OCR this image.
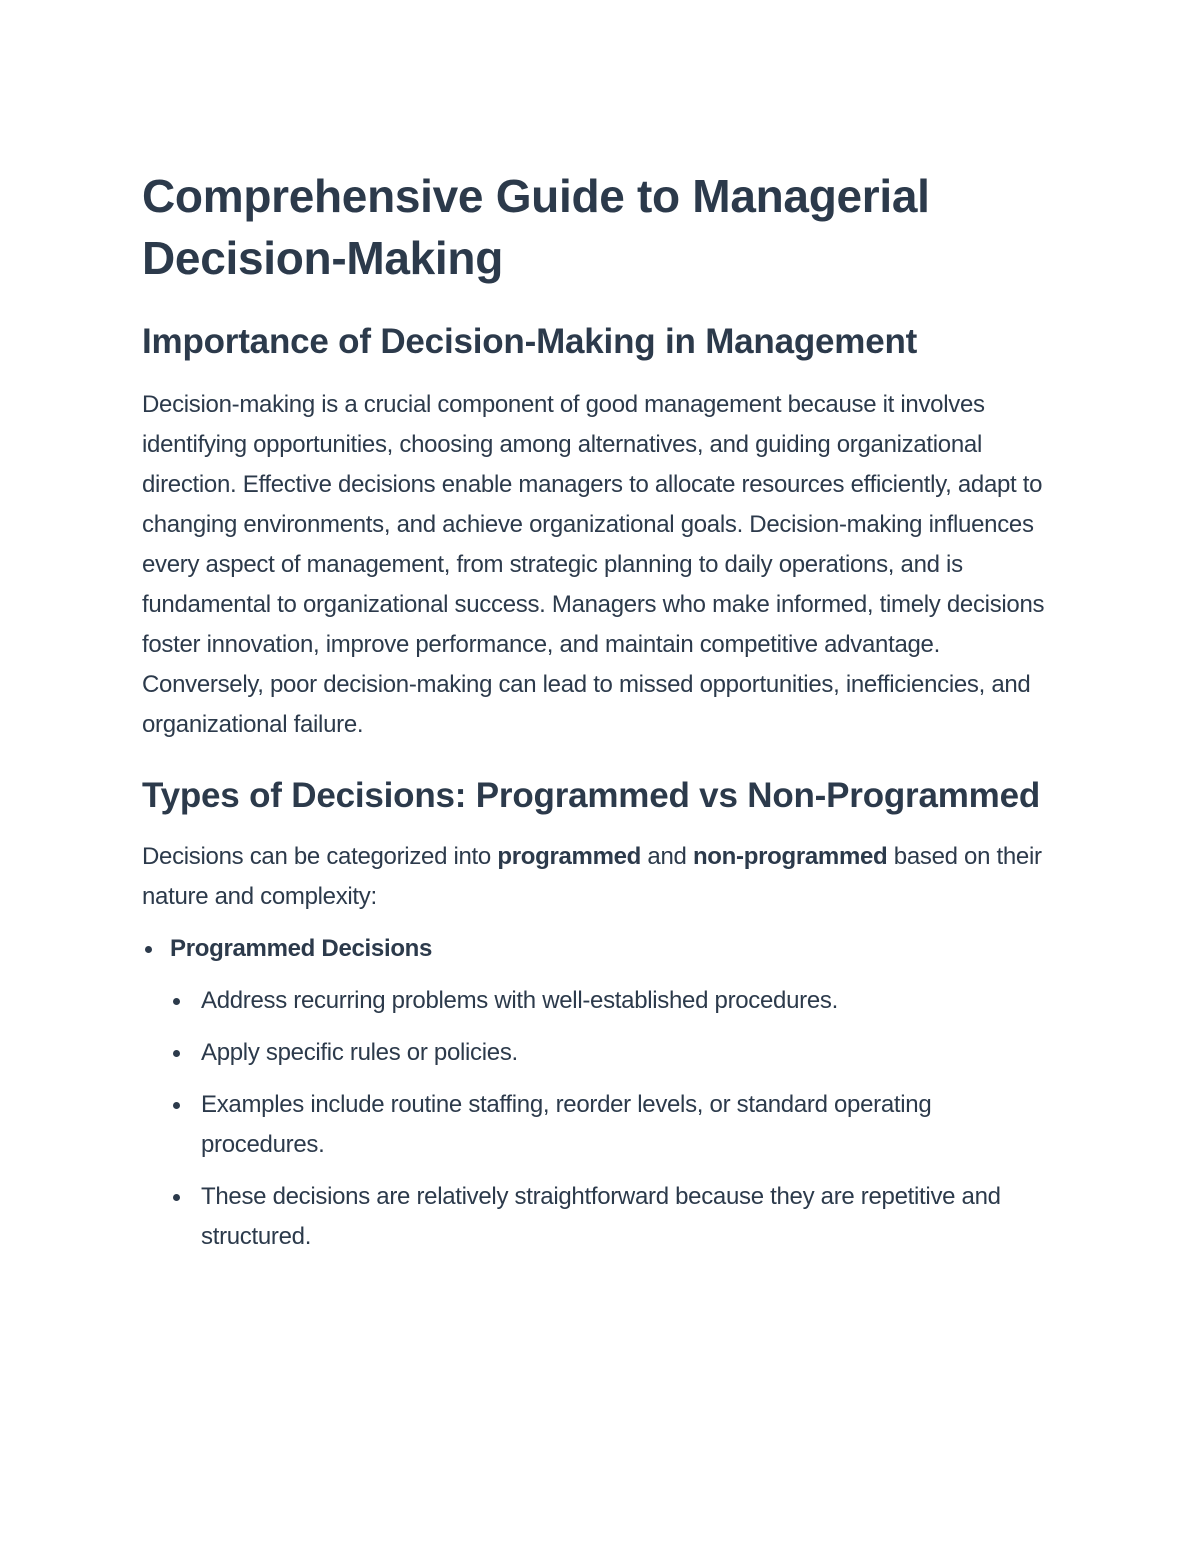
Comprehensive Guide to Managerial Decision-Making
Importance of Decision-Making in Management

Decision-making is a crucial component of good management because it involves identifying opportunities, choosing among alternatives, and guiding organizational direction. Effective decisions enable managers to allocate resources efficiently, adapt to changing environments, and achieve organizational goals. Decision-making influences every aspect of management, from strategic planning to daily operations, and is fundamental to organizational success. Managers who make informed, timely decisions foster innovation, improve performance, and maintain competitive advantage. Conversely, poor decision-making can lead to missed opportunities, inefficiencies, and organizational failure.

Types of Decisions: Programmed vs Non-Programmed

Decisions can be categorized into programmed and non-programmed based on their nature and complexity:

Programmed Decisions
Address recurring problems with well-established procedures.
Apply specific rules or policies.
Examples include routine staffing, reorder levels, or standard operating procedures.
These decisions are relatively straightforward because they are repetitive and structured.
